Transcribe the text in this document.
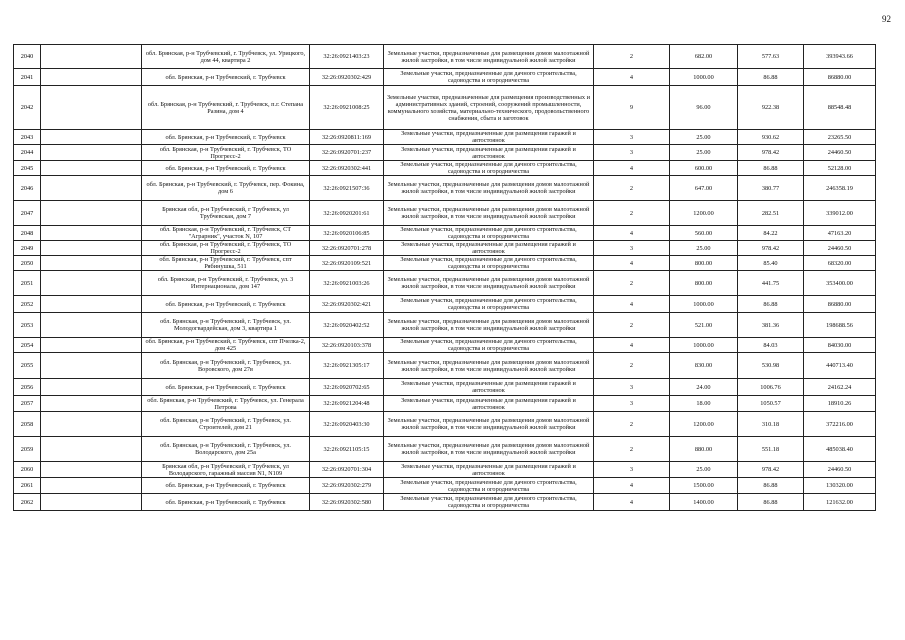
92
2040		обл. Брянская, р-н Трубчевский, г. Трубчевск, ул. Урицкого, дом 44, квартира 2	32:26:0921403:23	Земельные участки, предназначенные для размещения домов малоэтажной жилой застройки, в том числе индивидуальной жилой застройки	2	682.00	577.63	393943.66
2041		обл. Брянская, р-н Трубчевский, г. Трубчевск	32:26:0920302:429	Земельные участки, предназначенные для дачного строительства, садоводства и огородничества	4	1000.00	86.88	86880.00
2042		обл. Брянская, р-н Трубчевский, г. Трубчевск, п.г. Степана Разина, дом 4	32:26:0921008:25	Земельные участки, предназначенные для размещения производственных и административных зданий, строений, сооружений промышленности, коммунального хозяйства, материально-технического, продовольственного снабжения, сбыта и заготовок	9	96.00	922.38	88548.48
2043		обл. Брянская, р-н Трубчевский, г. Трубчевск	32:26:0920811:169	Земельные участки, предназначенные для размещения гаражей и автостоянок	3	25.00	930.62	23265.50
2044		обл. Брянская, р-н Трубчевский, г. Трубчевск, ТО Прогресс-2	32:26:0920701:237	Земельные участки, предназначенные для размещения гаражей и автостоянок	3	25.00	978.42	24460.50
2045		обл. Брянская, р-н Трубчевский, г. Трубчевск	32:26:0920302:441	Земельные участки, предназначенные для дачного строительства, садоводства и огородничества	4	600.00	86.88	52128.00
2046		обл. Брянская, р-н Трубчевский, г. Трубчевск, пер. Фокина, дом 6	32:26:0921507:36	Земельные участки, предназначенные для размещения домов малоэтажной жилой застройки, в том числе индивидуальной жилой застройки	2	647.00	380.77	246358.19
2047		Брянская обл, р-н Трубчевский, г Трубчевск, ул Трубчевская, дом 7	32:26:0920201:61	Земельные участки, предназначенные для размещения домов малоэтажной жилой застройки, в том числе индивидуальной жилой застройки	2	1200.00	282.51	339012.00
2048		обл. Брянская, р-н Трубчевский, г. Трубчевск, СТ "Аграрник", участок N, 107	32:26:0920106:85	Земельные участки, предназначенные для дачного строительства, садоводства и огородничества	4	560.00	84.22	47163.20
2049		обл. Брянская, р-н Трубчевский, г. Трубчевск, ТО Прогресс-2	32:26:0920701:278	Земельные участки, предназначенные для размещения гаражей и автостоянок	3	25.00	978.42	24460.50
2050		обл. Брянская, р-н Трубчевский, г. Трубчевск, спт Рябинушка, 511	32:26:0920109:521	Земельные участки, предназначенные для дачного строительства, садоводства и огородничества	4	800.00	85.40	68320.00
2051		обл. Брянская, р-н Трубчевский, г. Трубчевск, ул. 3 Интернационала, дом 147	32:26:0921003:26	Земельные участки, предназначенные для размещения домов малоэтажной жилой застройки, в том числе индивидуальной жилой застройки	2	800.00	441.75	353400.00
2052		обл. Брянская, р-н Трубчевский, г. Трубчевск	32:26:0920302:421	Земельные участки, предназначенные для дачного строительства, садоводства и огородничества	4	1000.00	86.88	86880.00
2053		обл. Брянская, р-н Трубчевский, г. Трубчевск, ул. Молодогвардейская, дом 3, квартира 1	32:26:0920402:52	Земельные участки, предназначенные для размещения домов малоэтажной жилой застройки, в том числе индивидуальной жилой застройки	2	521.00	381.36	198688.56
2054		обл. Брянская, р-н Трубчевский, г. Трубчевск, спт Пчелка-2, дом 425	32:26:0920103:378	Земельные участки, предназначенные для дачного строительства, садоводства и огородничества	4	1000.00	84.03	84030.00
2055		обл. Брянская, р-н Трубчевский, г. Трубчевск, ул. Воровского, дом 27в	32:26:0921305:17	Земельные участки, предназначенные для размещения домов малоэтажной жилой застройки, в том числе индивидуальной жилой застройки	2	830.00	530.98	440713.40
2056		обл. Брянская, р-н Трубчевский, г. Трубчевск	32:26:0920702:65	Земельные участки, предназначенные для размещения гаражей и автостоянок	3	24.00	1006.76	24162.24
2057		обл. Брянская, р-н Трубчевский, г. Трубчевск, ул. Генерала Петрова	32:26:0921204:48	Земельные участки, предназначенные для размещения гаражей и автостоянок	3	18.00	1050.57	18910.26
2058		обл. Брянская, р-н Трубчевский, г. Трубчевск, ул. Строителей, дом 21	32:26:0920403:30	Земельные участки, предназначенные для размещения домов малоэтажной жилой застройки, в том числе индивидуальной жилой застройки	2	1200.00	310.18	372216.00
2059		обл. Брянская, р-н Трубчевский, г. Трубчевск, ул. Володарского, дом 25а	32:26:0921105:15	Земельные участки, предназначенные для размещения домов малоэтажной жилой застройки, в том числе индивидуальной жилой застройки	2	880.00	551.18	485038.40
2060		Брянская обл, р-н Трубчевский, г Трубчевск, ул Володарского, гаражный массив N1, N109	32:26:0920701:304	Земельные участки, предназначенные для размещения гаражей и автостоянок	3	25.00	978.42	24460.50
2061		обл. Брянская, р-н Трубчевский, г. Трубчевск	32:26:0920302:279	Земельные участки, предназначенные для дачного строительства, садоводства и огородничества	4	1500.00	86.88	130320.00
2062		обл. Брянская, р-н Трубчевский, г. Трубчевск	32:26:0920302:580	Земельные участки, предназначенные для дачного строительства, садоводства и огородничества	4	1400.00	86.88	121632.00
